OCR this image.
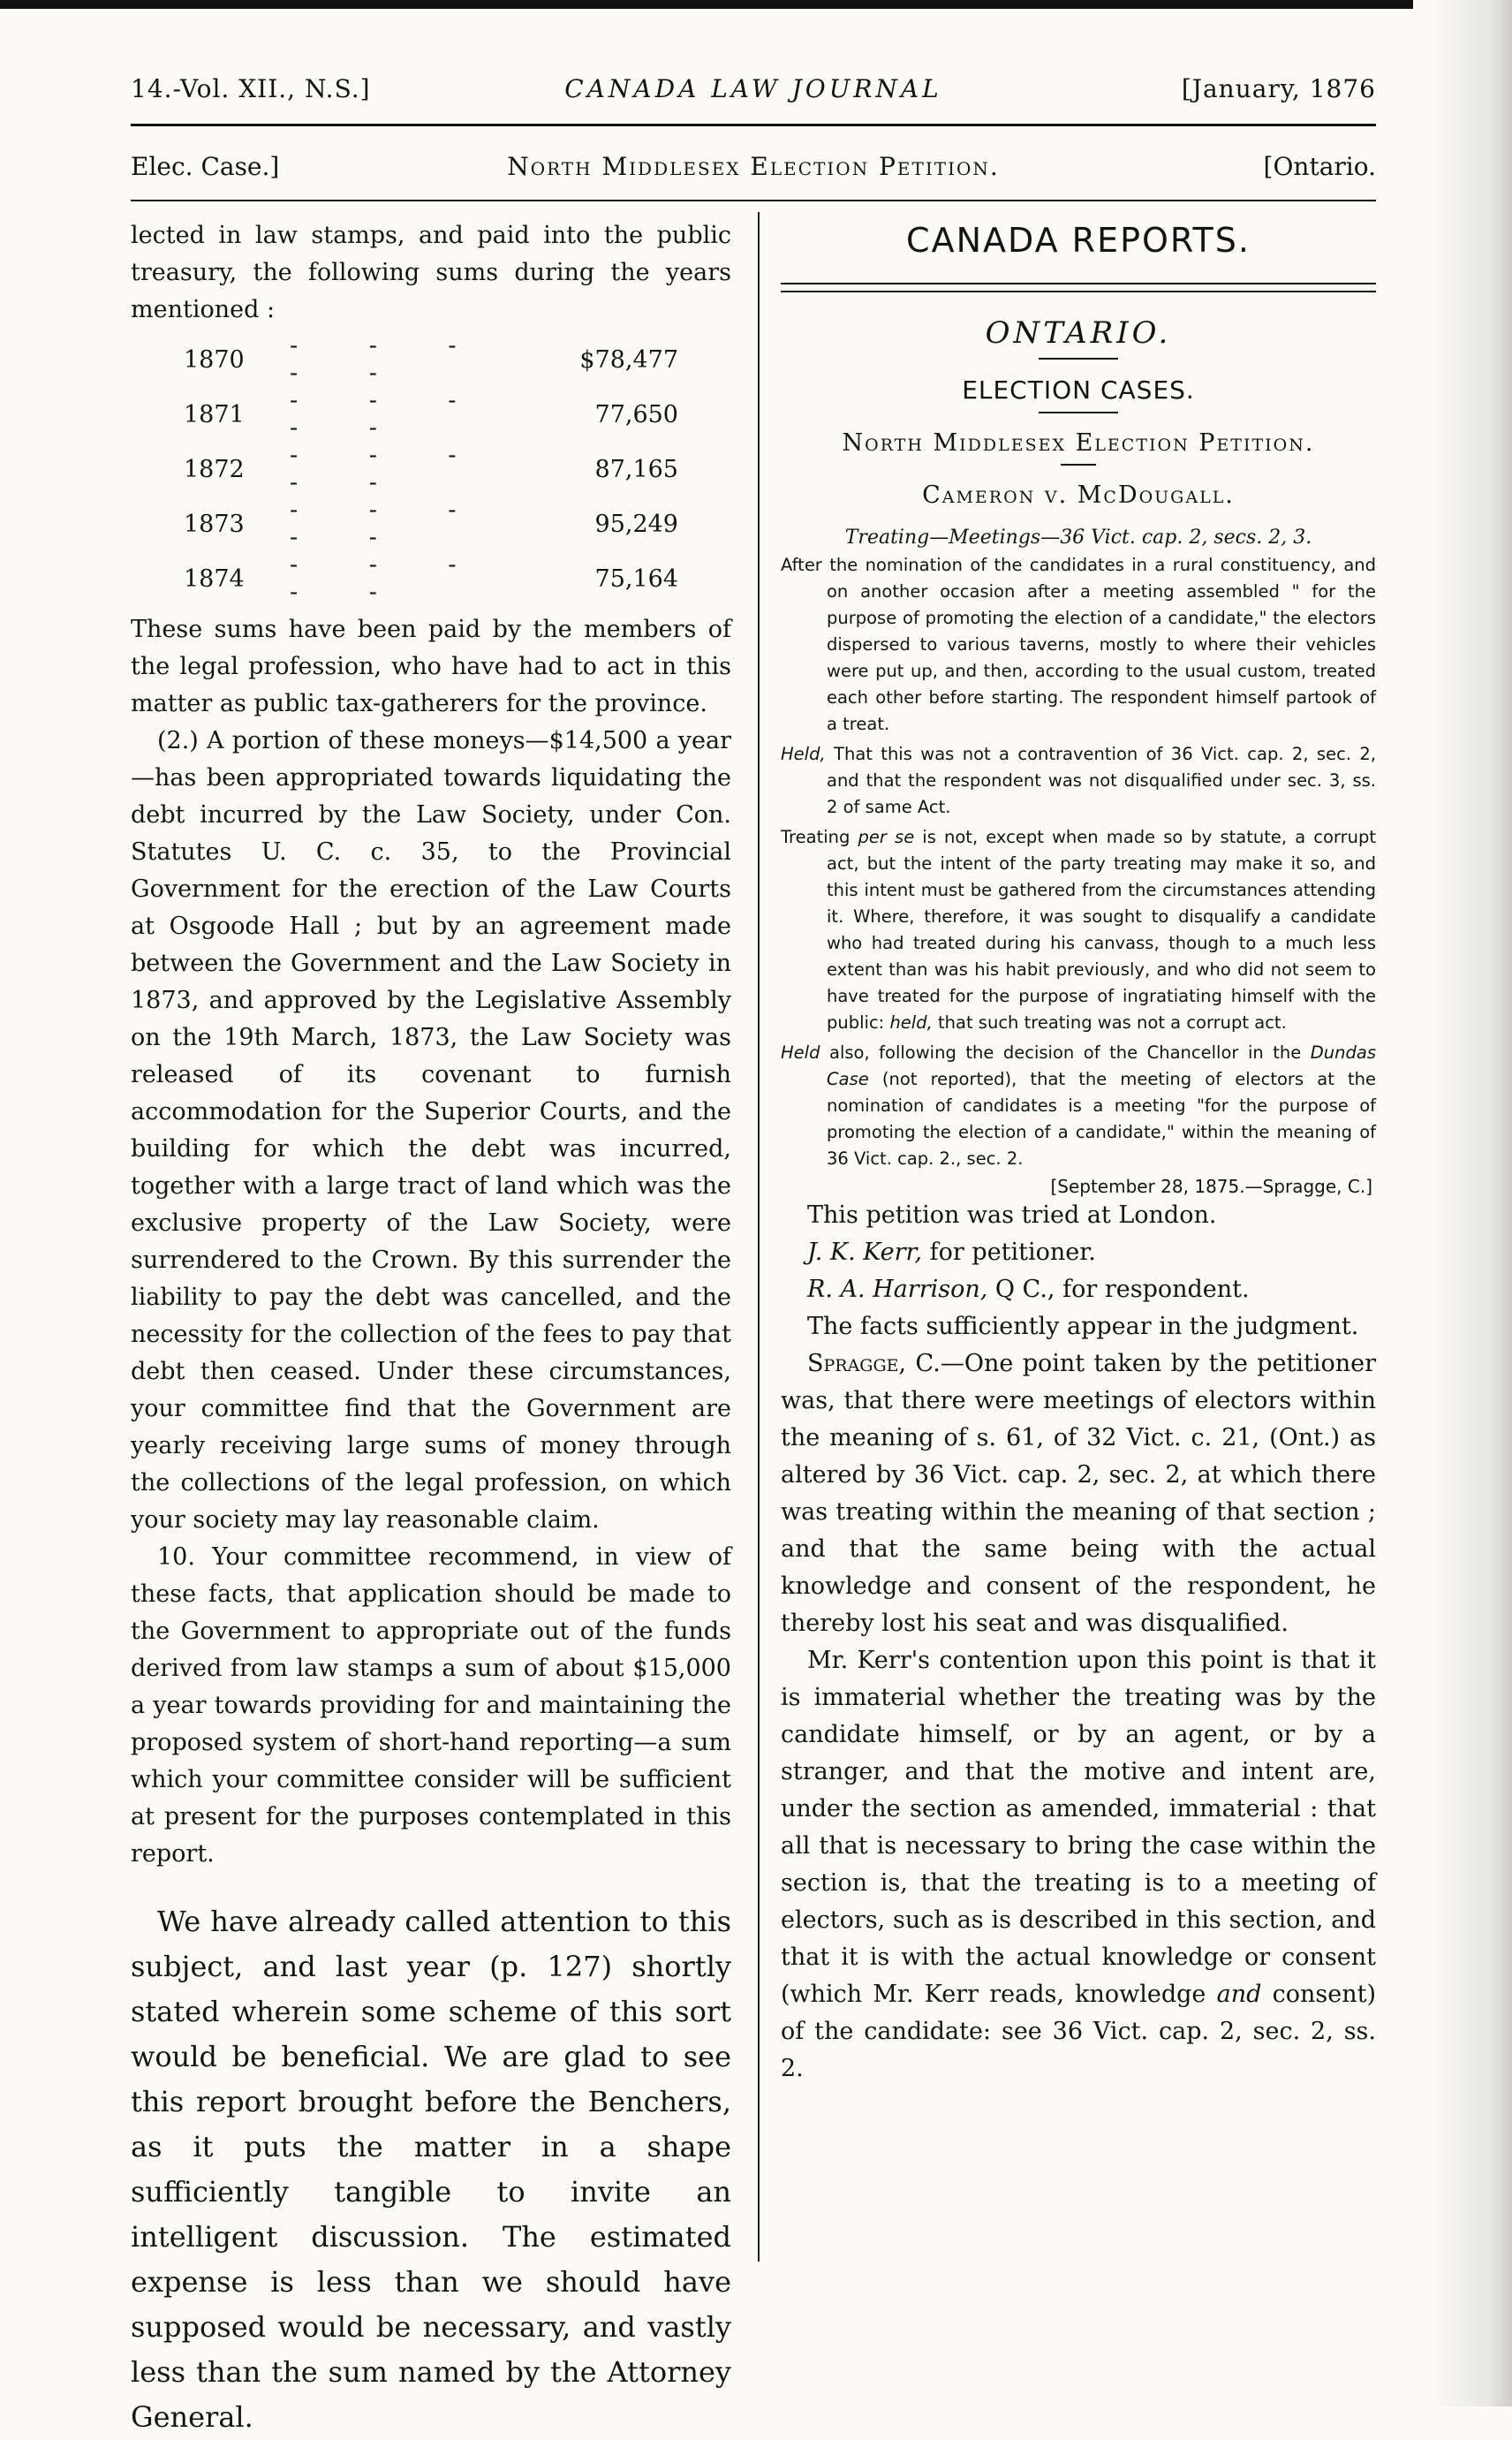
14.-Vol. XII., N.S.]	CANADA LAW JOURNAL	[January, 1876
Elec. Case.]	North Middlesex Election Petition.	[Ontario.

lected in law stamps, and paid into the public treasury, the following sums during the years mentioned :

1870	- - - - -	$78,477
1871	- - - - -	77,650
1872	- - - - -	87,165
1873	- - - - -	95,249
1874	- - - - -	75,164

These sums have been paid by the members of the legal profession, who have had to act in this matter as public tax-gatherers for the province.

(2.) A portion of these moneys—$14,500 a year—has been appropriated towards liquidating the debt incurred by the Law Society, under Con. Statutes U. C. c. 35, to the Provincial Government for the erection of the Law Courts at Osgoode Hall ; but by an agreement made between the Government and the Law Society in 1873, and approved by the Legislative Assembly on the 19th March, 1873, the Law Society was released of its covenant to furnish accommodation for the Superior Courts, and the building for which the debt was incurred, together with a large tract of land which was the exclusive property of the Law Society, were surrendered to the Crown. By this surrender the liability to pay the debt was cancelled, and the necessity for the collection of the fees to pay that debt then ceased. Under these circumstances, your committee find that the Government are yearly receiving large sums of money through the collections of the legal profession, on which your society may lay reasonable claim.

10. Your committee recommend, in view of these facts, that application should be made to the Government to appropriate out of the funds derived from law stamps a sum of about $15,000 a year towards providing for and maintaining the proposed system of short-hand reporting—a sum which your committee consider will be sufficient at present for the purposes contemplated in this report.

We have already called attention to this subject, and last year (p. 127) shortly stated wherein some scheme of this sort would be beneficial. We are glad to see this report brought before the Benchers, as it puts the matter in a shape sufficiently tangible to invite an intelligent discussion. The estimated expense is less than we should have supposed would be necessary, and vastly less than the sum named by the Attorney General.

CANADA REPORTS.
ONTARIO.
ELECTION CASES.
North Middlesex Election Petition.
Cameron v. McDougall.
Treating—Meetings—36 Vict. cap. 2, secs. 2, 3.

After the nomination of the candidates in a rural constituency, and on another occasion after a meeting assembled " for the purpose of promoting the election of a candidate," the electors dispersed to various taverns, mostly to where their vehicles were put up, and then, according to the usual custom, treated each other before starting. The respondent himself partook of a treat.

Held, That this was not a contravention of 36 Vict. cap. 2, sec. 2, and that the respondent was not disqualified under sec. 3, ss. 2 of same Act.

Treating per se is not, except when made so by statute, a corrupt act, but the intent of the party treating may make it so, and this intent must be gathered from the circumstances attending it. Where, therefore, it was sought to disqualify a candidate who had treated during his canvass, though to a much less extent than was his habit previously, and who did not seem to have treated for the purpose of ingratiating himself with the public: held, that such treating was not a corrupt act.

Held also, following the decision of the Chancellor in the Dundas Case (not reported), that the meeting of electors at the nomination of candidates is a meeting "for the purpose of promoting the election of a candidate," within the meaning of 36 Vict. cap. 2., sec. 2.

[September 28, 1875.—Spragge, C.]

This petition was tried at London.

J. K. Kerr, for petitioner.

R. A. Harrison, Q C., for respondent.

The facts sufficiently appear in the judgment.

Spragge, C.—One point taken by the petitioner was, that there were meetings of electors within the meaning of s. 61, of 32 Vict. c. 21, (Ont.) as altered by 36 Vict. cap. 2, sec. 2, at which there was treating within the meaning of that section ; and that the same being with the actual knowledge and consent of the respondent, he thereby lost his seat and was disqualified.

Mr. Kerr's contention upon this point is that it is immaterial whether the treating was by the candidate himself, or by an agent, or by a stranger, and that the motive and intent are, under the section as amended, immaterial : that all that is necessary to bring the case within the section is, that the treating is to a meeting of electors, such as is described in this section, and that it is with the actual knowledge or consent (which Mr. Kerr reads, knowledge and consent) of the candidate: see 36 Vict. cap. 2, sec. 2, ss. 2.
